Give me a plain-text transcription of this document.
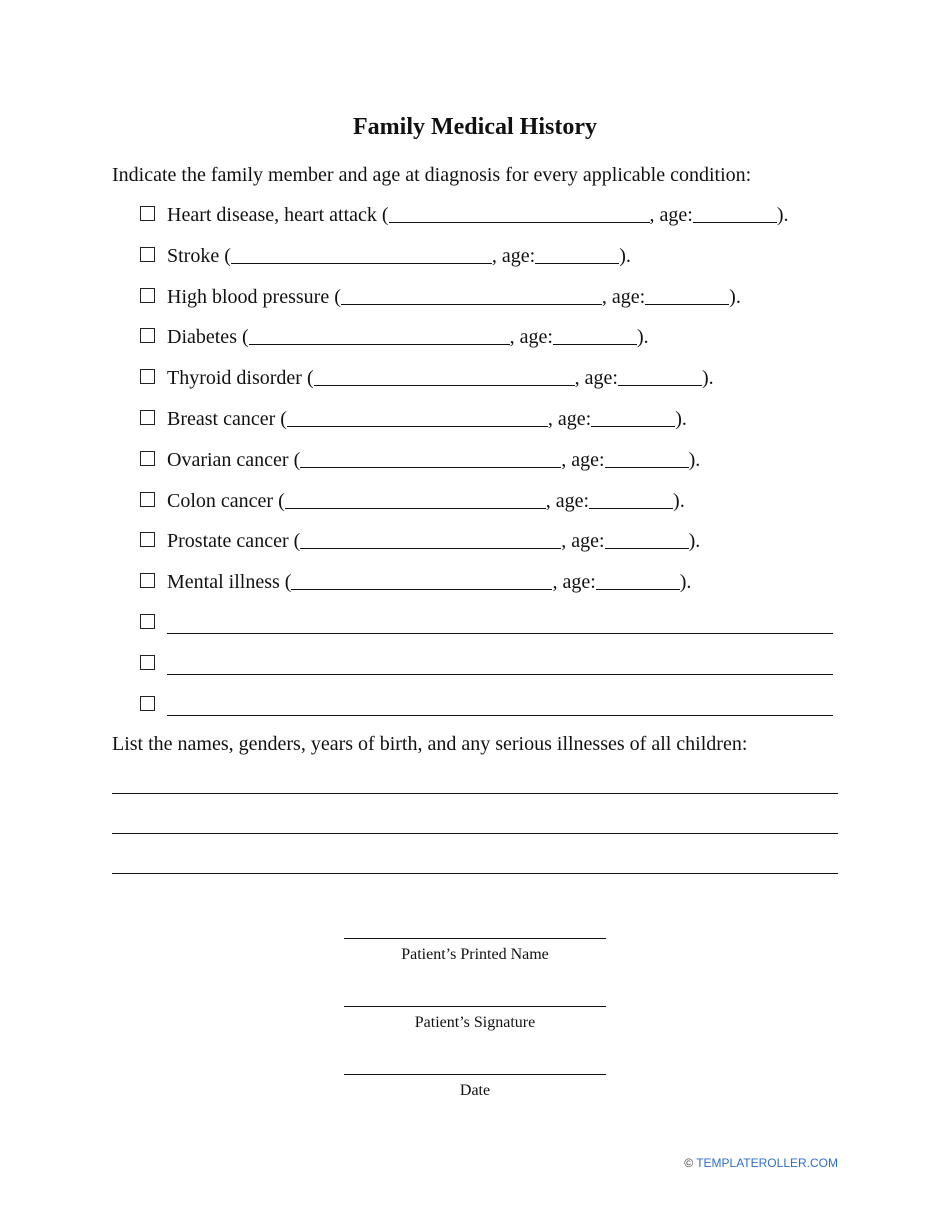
Family Medical History
Indicate the family member and age at diagnosis for every applicable condition:
Heart disease, heart attack (	, age:	).
Stroke (	, age:	).
High blood pressure (	, age:	).
Diabetes (	, age:	).
Thyroid disorder (	, age:	).
Breast cancer (	, age:	).
Ovarian cancer (	, age:	).
Colon cancer (	, age:	).
Prostate cancer (	, age:	).
Mental illness (	, age:	).
List the names, genders, years of birth, and any serious illnesses of all children:
Patient’s Printed Name
Patient’s Signature
Date
© TEMPLATEROLLER.COM
